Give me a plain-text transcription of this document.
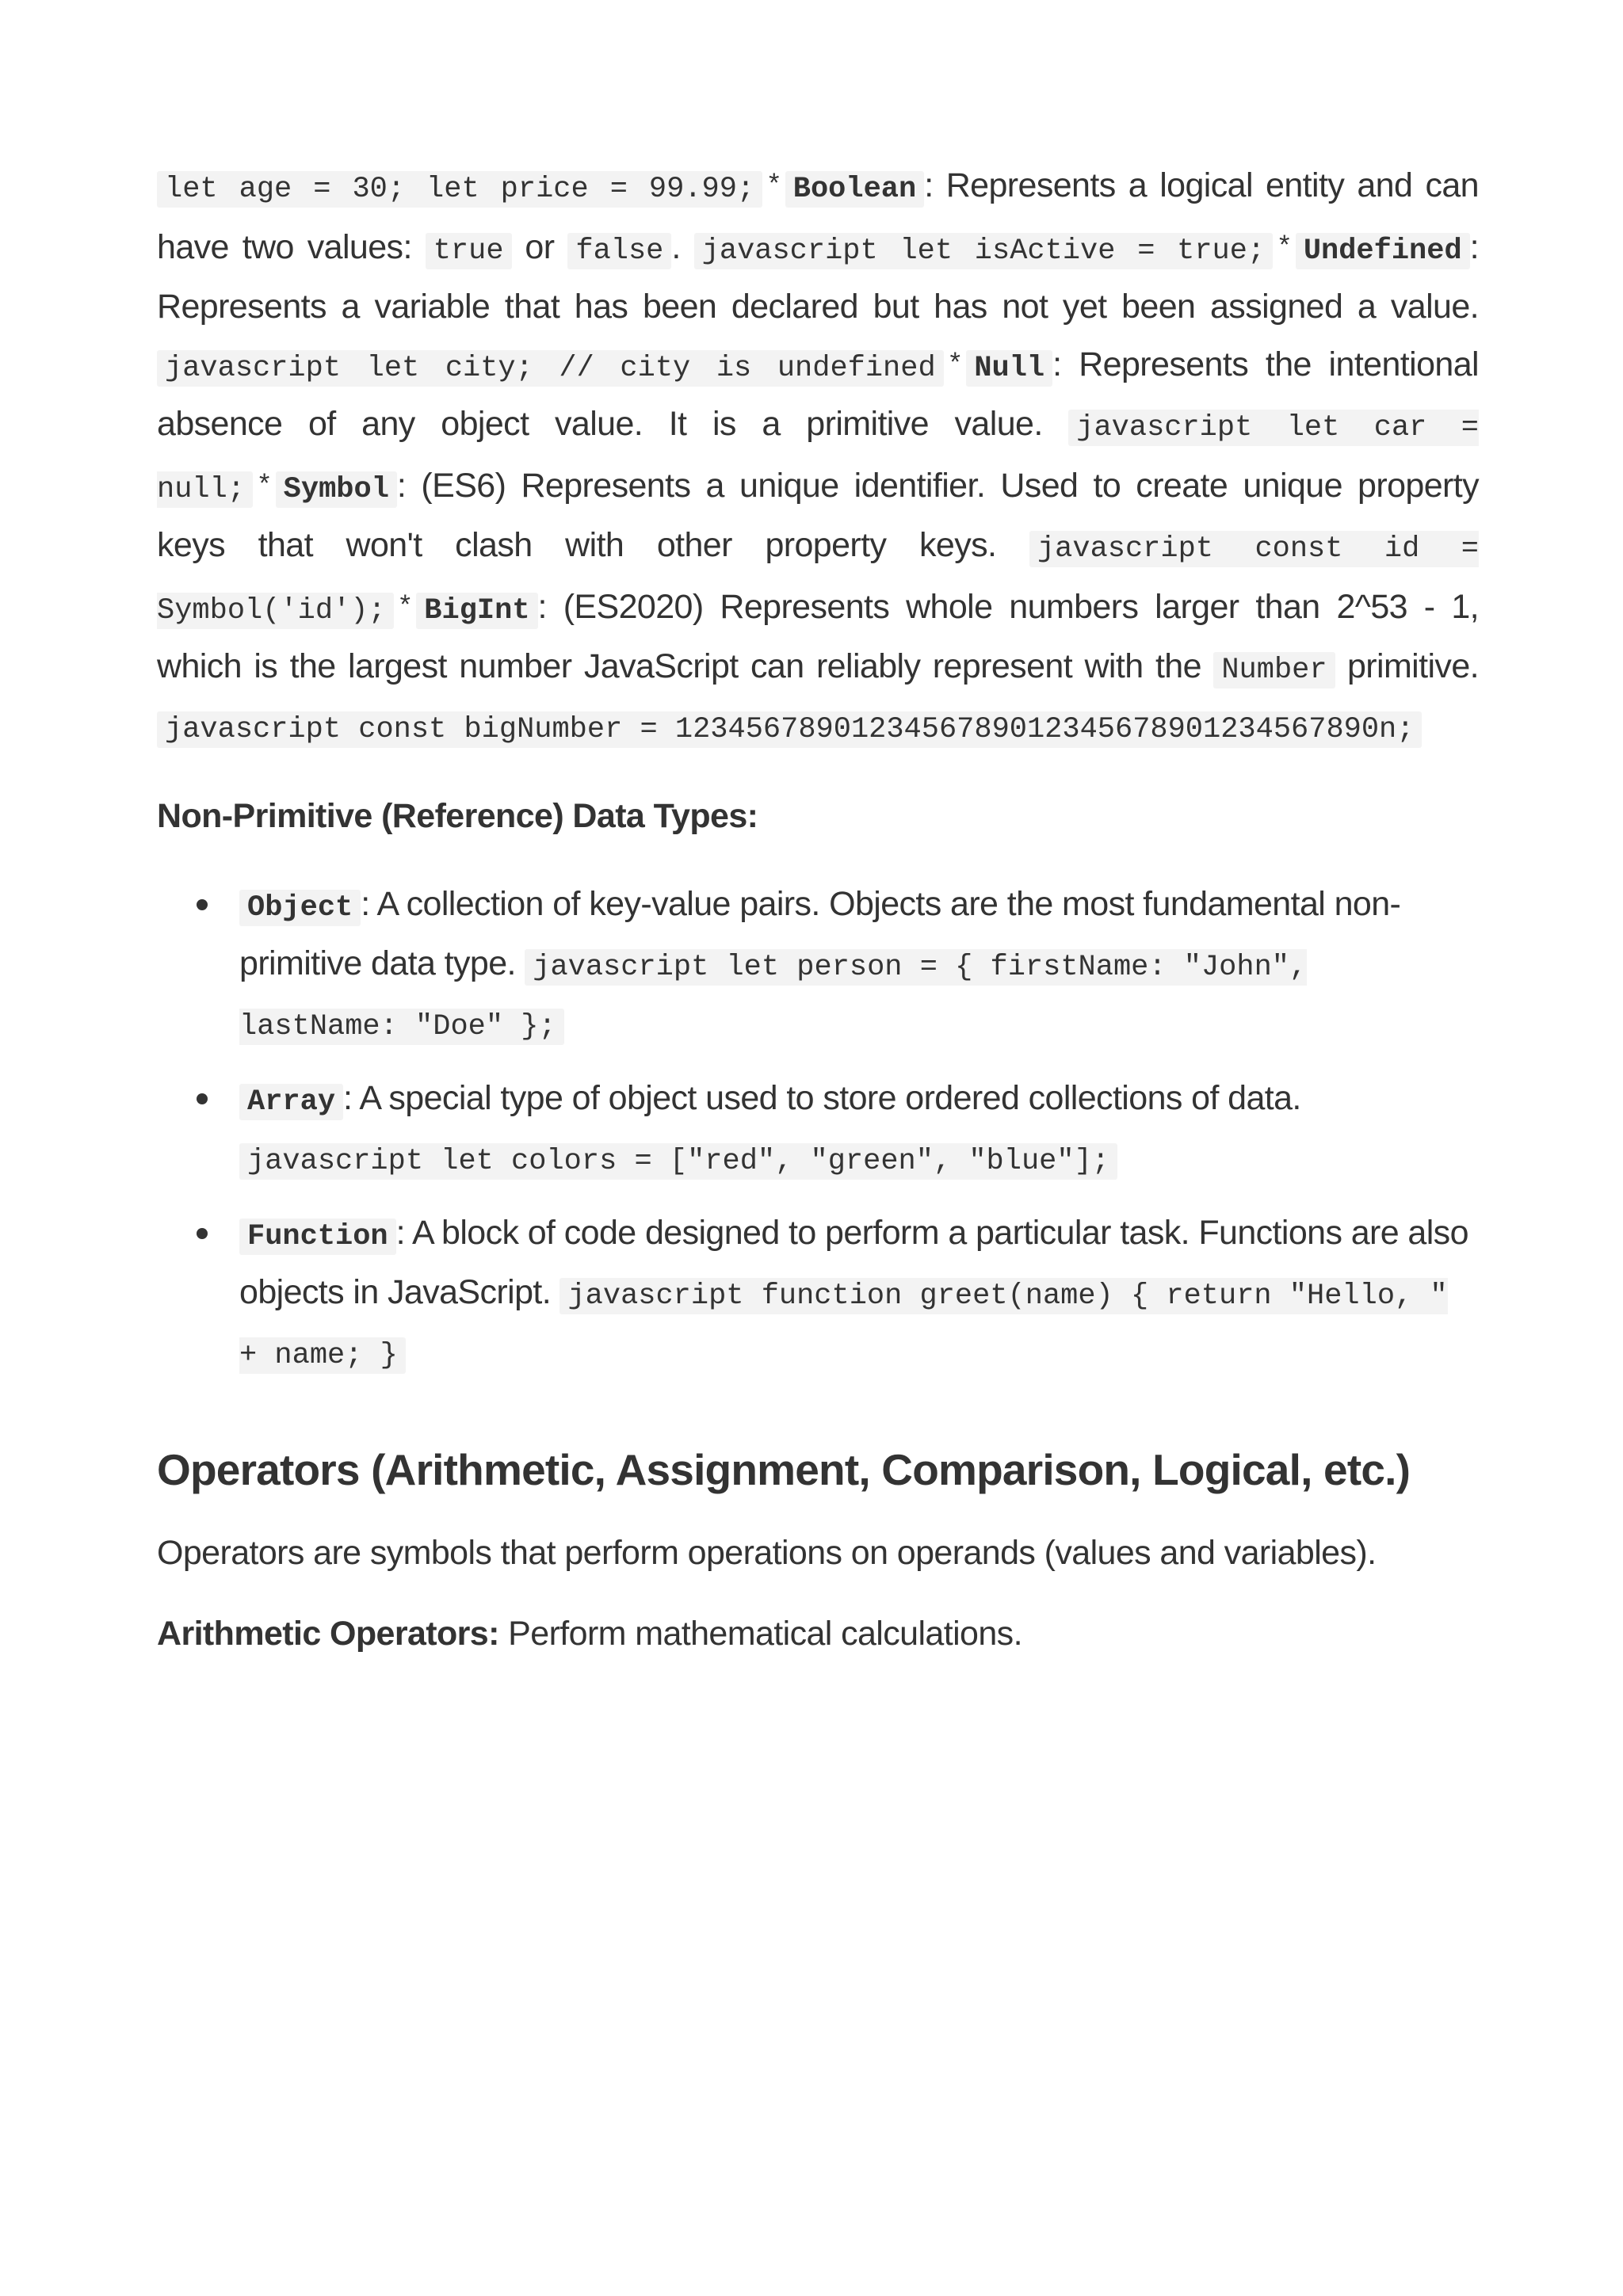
let age = 30; let price = 99.99; * Boolean : Represents a logical entity and can have two values: true or false . javascript let isActive = true; * Undefined : Represents a variable that has been declared but has not yet been assigned a value. javascript let city; // city is undefined * Null : Represents the intentional absence of any object value. It is a primitive value. javascript let car = null; * Symbol : (ES6) Represents a unique identifier. Used to create unique property keys that won't clash with other property keys. javascript const id = Symbol('id'); * BigInt : (ES2020) Represents whole numbers larger than 2^53 - 1, which is the largest number JavaScript can reliably represent with the Number primitive. javascript const bigNumber = 1234567890123456789012345678901234567890n;

Non-Primitive (Reference) Data Types:

Object : A collection of key-value pairs. Objects are the most fundamental non-primitive data type. javascript let person = { firstName: "John", lastName: "Doe" };
Array : A special type of object used to store ordered collections of data. javascript let colors = ["red", "green", "blue"];
Function : A block of code designed to perform a particular task. Functions are also objects in JavaScript. javascript function greet(name) { return "Hello, " + name; }
Operators (Arithmetic, Assignment, Comparison, Logical, etc.)

Operators are symbols that perform operations on operands (values and variables).

Arithmetic Operators: Perform mathematical calculations.
